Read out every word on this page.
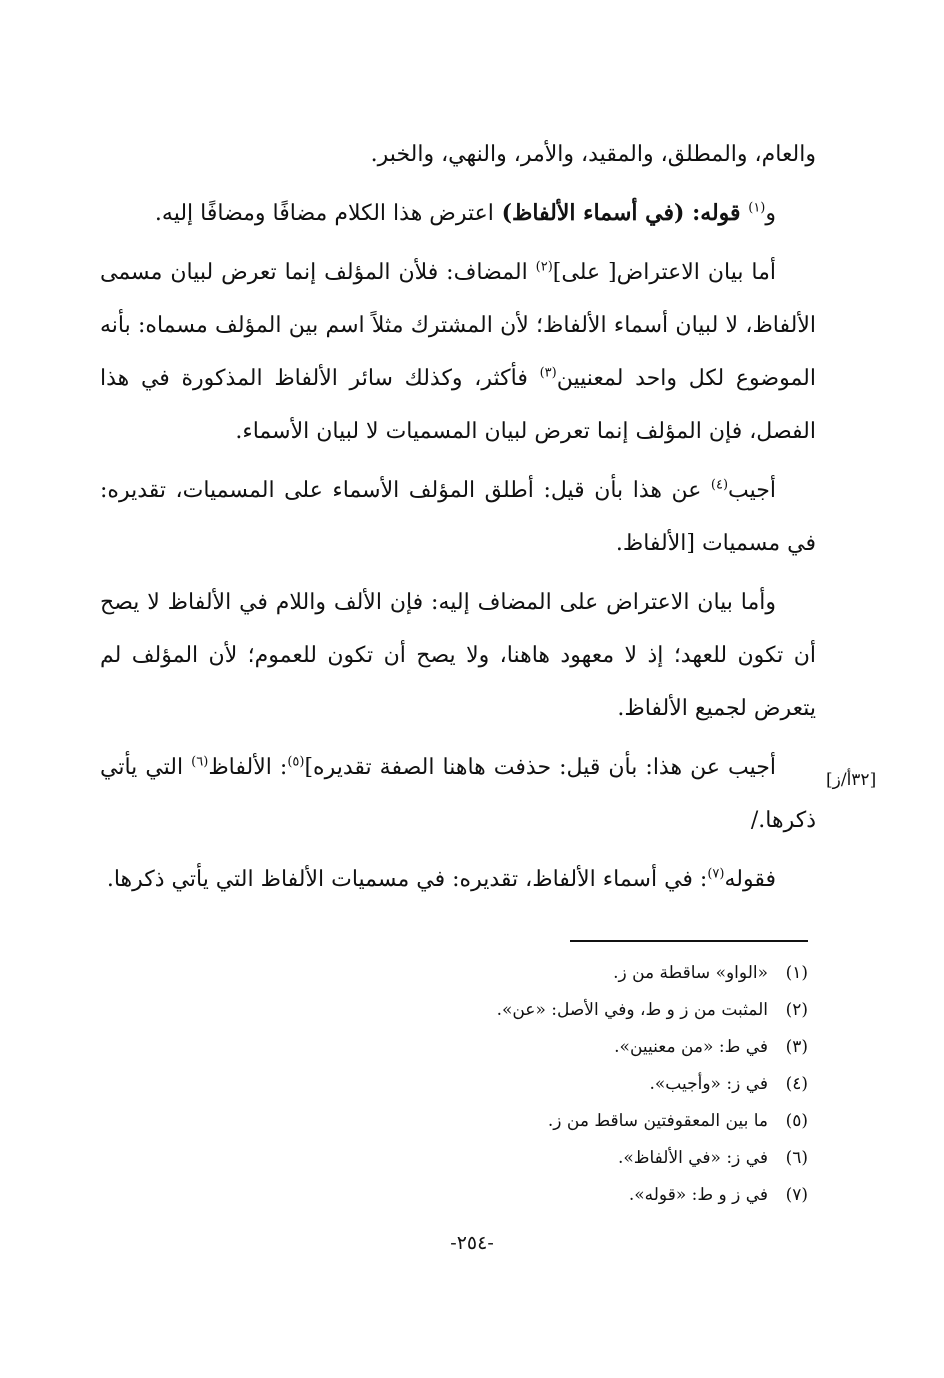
والعام، والمطلق، والمقيد، والأمر، والنهي، والخبر.

و$^{(١)}$ قوله: (في أسماء الألفاظ) اعترض هذا الكلام مضافًا ومضافًا إليه.

أما بيان الاعتراض[ على]$^{(٢)}$ المضاف: فلأن المؤلف إنما تعرض لبيان مسمى الألفاظ، لا لبيان أسماء الألفاظ؛ لأن المشترك مثلاً اسم بين المؤلف مسماه: بأنه الموضوع لكل واحد لمعنيين$^{(٣)}$ فأكثر، وكذلك سائر الألفاظ المذكورة في هذا الفصل، فإن المؤلف إنما تعرض لبيان المسميات لا لبيان الأسماء.

أجيب$^{(٤)}$ عن هذا بأن قيل: أطلق المؤلف الأسماء على المسميات، تقديره: في مسميات [الألفاظ.

وأما بيان الاعتراض على المضاف إليه: فإن الألف واللام في الألفاظ لا يصح أن تكون للعهد؛ إذ لا معهود هاهنا، ولا يصح أن تكون للعموم؛ لأن المؤلف لم يتعرض لجميع الألفاظ.

أجيب عن هذا: بأن قيل: حذفت هاهنا الصفة تقديره]$^{(٥)}$: الألفاظ$^{(٦)}$ التي يأتي ذكرها./

فقوله$^{(٧)}$: في أسماء الألفاظ، تقديره: في مسميات الألفاظ التي يأتي ذكرها.

[٣٢أ/ز]
(١)«الواو» ساقطة من ز.
(٢)المثبت من ز و ط، وفي الأصل: «عن».
(٣)في ط: «من معنيين».
(٤)في ز: «وأجيب».
(٥)ما بين المعقوفتين ساقط من ز.
(٦)في ز: «في الألفاظ».
(٧)في ز و ط: «قوله».
-٢٥٤-
